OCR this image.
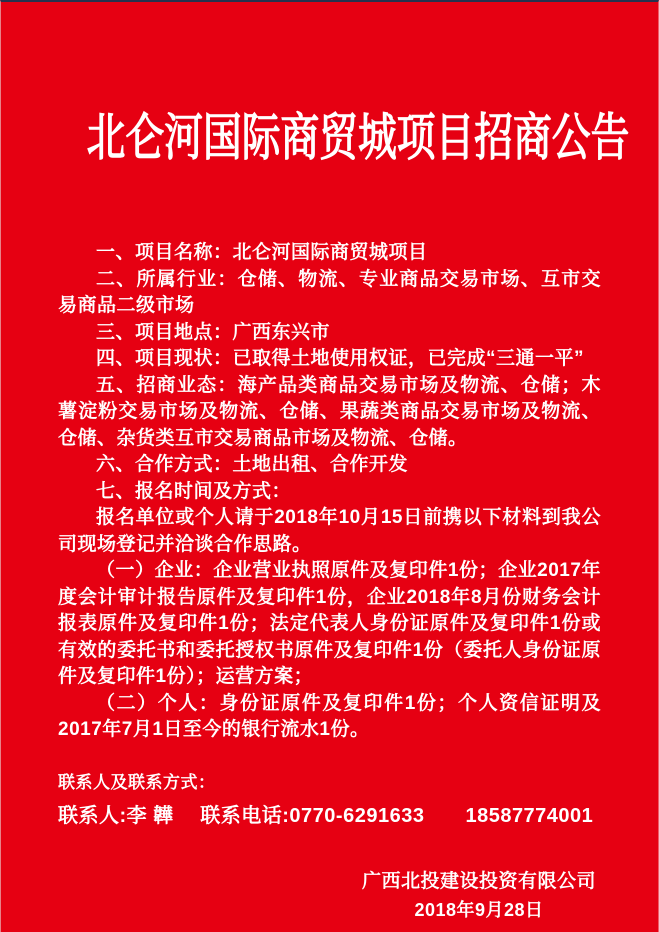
北仑河国际商贸城项目招商公告

一、项目名称：北仑河国际商贸城项目

二、所属行业：仓储、物流、专业商品交易市场、互市交易商品二级市场

三、项目地点：广西东兴市

四、项目现状：已取得土地使用权证，已完成“三通一平”

五、招商业态：海产品类商品交易市场及物流、仓储；木薯淀粉交易市场及物流、仓储、果蔬类商品交易市场及物流、仓储、杂货类互市交易商品市场及物流、仓储。

六、合作方式：土地出租、合作开发

七、报名时间及方式：

报名单位或个人请于2018年10月15日前携以下材料到我公司现场登记并洽谈合作思路。

（一）企业：企业营业执照原件及复印件1份；企业2017年度会计审计报告原件及复印件1份，企业2018年8月份财务会计报表原件及复印件1份；法定代表人身份证原件及复印件1份或有效的委托书和委托授权书原件及复印件1份（委托人身份证原件及复印件1份）；运营方案；

（二）个人：身份证原件及复印件1份；个人资信证明及2017年7月1日至今的银行流水1份。

联系人及联系方式：

联系人:李 韡　 联系电话:0770-6291633　　18587774001

广西北投建设投资有限公司

2018年9月28日
